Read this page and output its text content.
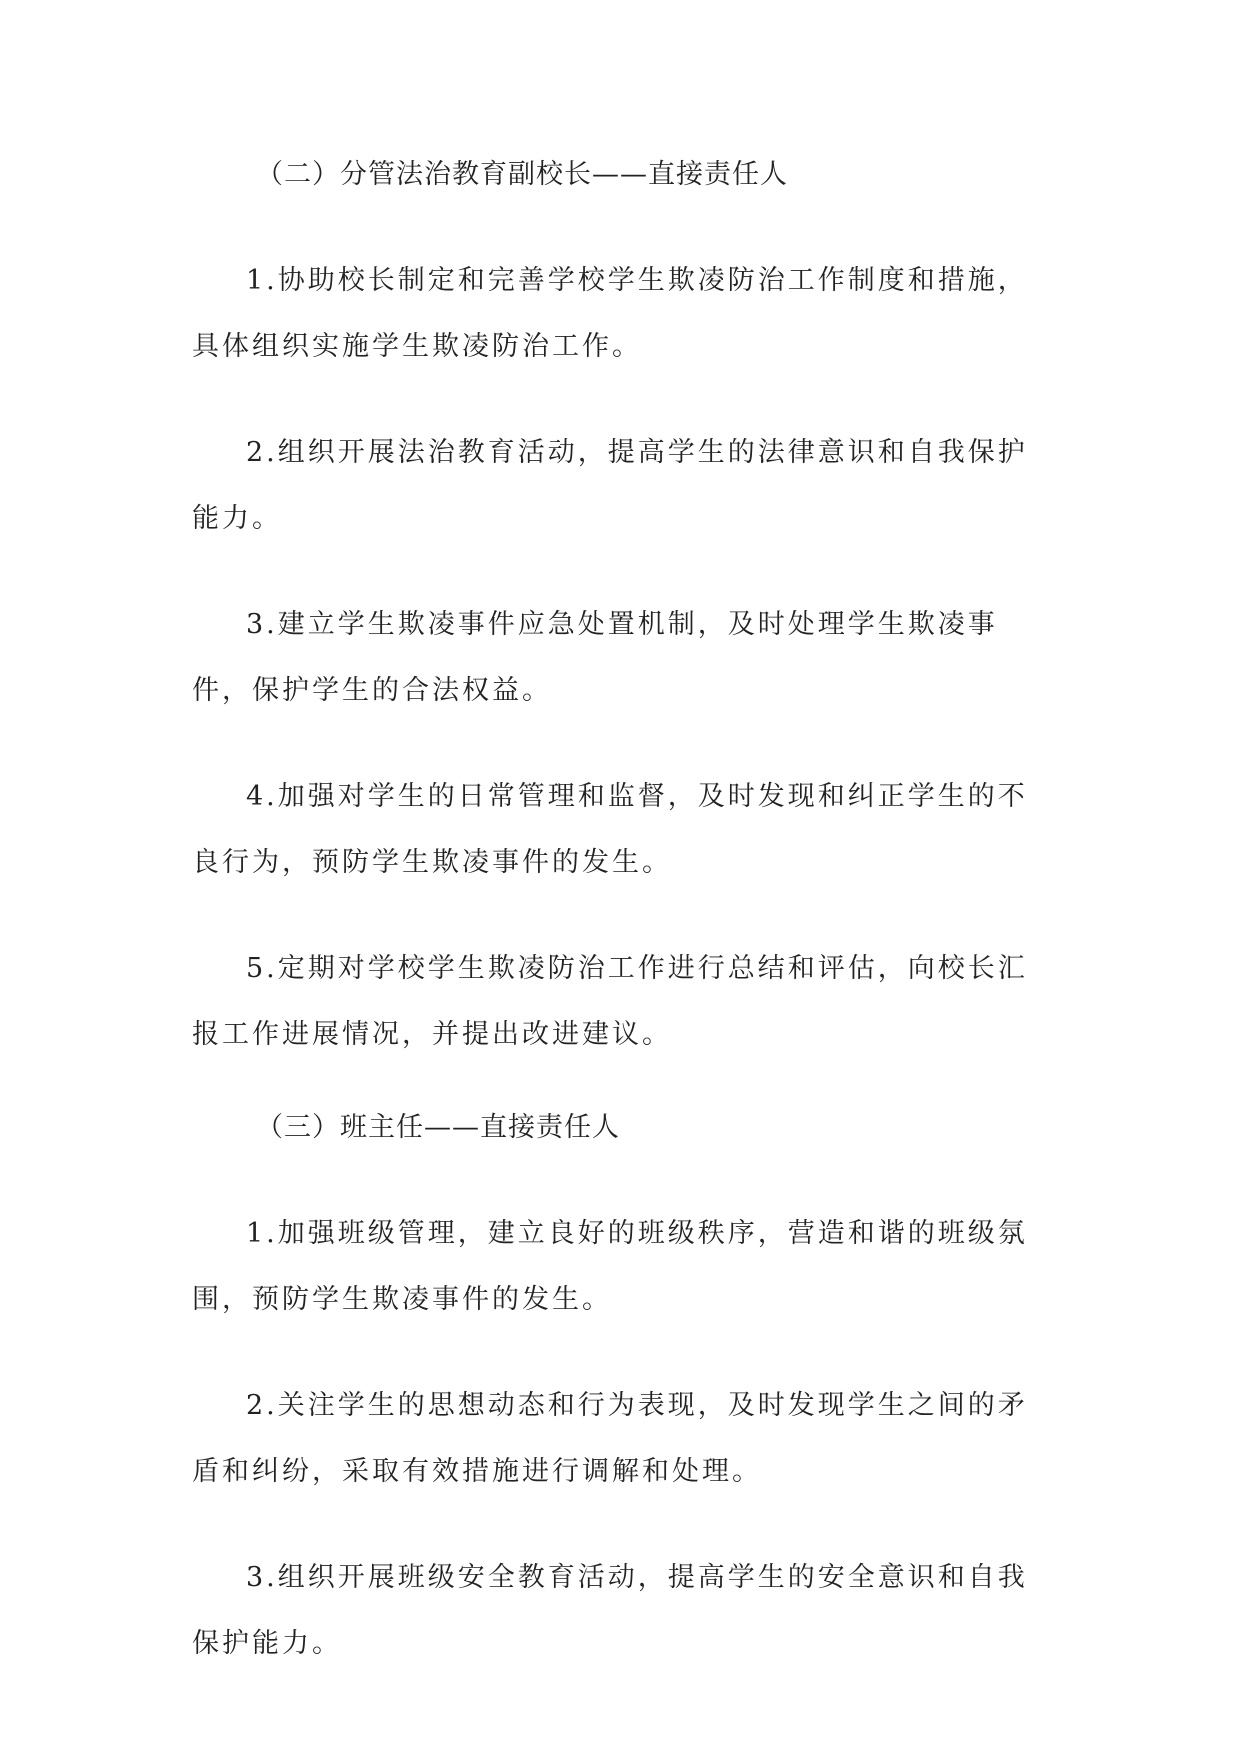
（二）分管法治教育副校长——直接责任人

1.协助校长制定和完善学校学生欺凌防治工作制度和措施，具体组织实施学生欺凌防治工作。

2.组织开展法治教育活动，提高学生的法律意识和自我保护能力。

3.建立学生欺凌事件应急处置机制，及时处理学生欺凌事件，保护学生的合法权益。

4.加强对学生的日常管理和监督，及时发现和纠正学生的不良行为，预防学生欺凌事件的发生。

5.定期对学校学生欺凌防治工作进行总结和评估，向校长汇报工作进展情况，并提出改进建议。

（三）班主任——直接责任人

1.加强班级管理，建立良好的班级秩序，营造和谐的班级氛围，预防学生欺凌事件的发生。

2.关注学生的思想动态和行为表现，及时发现学生之间的矛盾和纠纷，采取有效措施进行调解和处理。

3.组织开展班级安全教育活动，提高学生的安全意识和自我保护能力。
